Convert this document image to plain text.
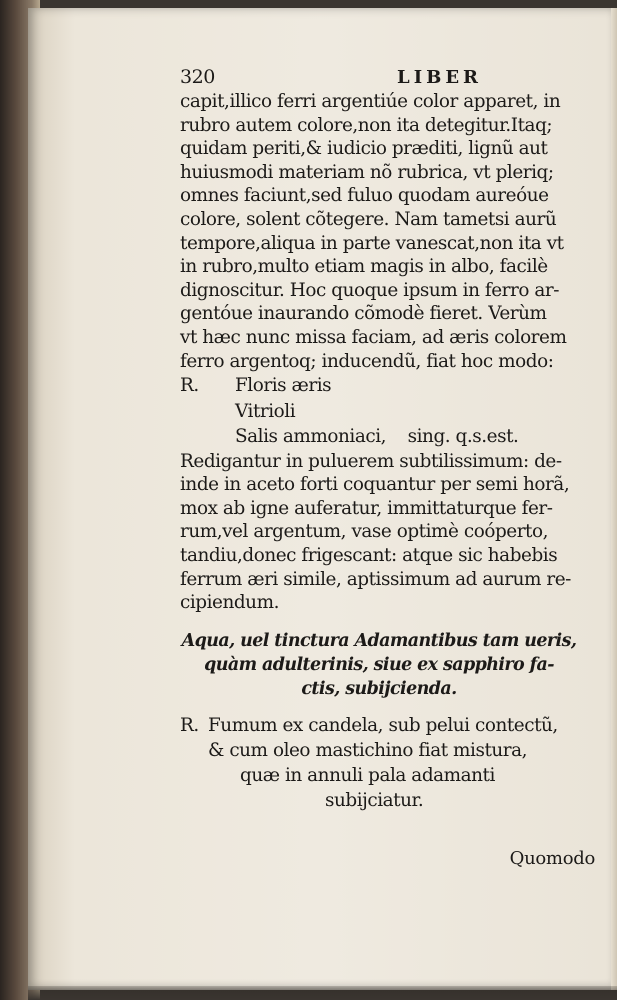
320	LIBER
capit,illico ferri argentiúe color apparet, in
rubro autem colore,non ita detegitur.Itaq;
quidam periti,& iudicio præditi, lignũ aut
huiusmodi materiam nõ rubrica, vt pleriq;
omnes faciunt,sed fuluo quodam aureóue
colore, solent cõtegere. Nam tametsi aurũ
tempore,aliqua in parte vanescat,non ita vt
in rubro,multo etiam magis in albo, facilè
dignoscitur. Hoc quoque ipsum in ferro ar-
gentóue inaurando cõmodè fieret. Verùm
vt hæc nunc missa faciam, ad æris colorem
ferro argentoq; inducendũ, fiat hoc modo:
R.	Floris æris
Vitrioli
Salis ammoniaci,    sing. q.s.est.
Redigantur in puluerem subtilissimum: de-
inde in aceto forti coquantur per semi horã,
mox ab igne auferatur, immittaturque fer-
rum,vel argentum, vase optimè coóperto,
tandiu,donec frigescant: atque sic habebis
ferrum æri simile, aptissimum ad aurum re-
cipiendum.
Aqua, uel tinctura Adamantibus tam ueris,
quàm adulterinis, siue ex sapphiro fa-
ctis, subijcienda.
R. Fumum ex candela, sub pelui contectũ,
& cum oleo mastichino fiat mistura,
quæ in annuli pala adamanti
subijciatur.
Quomodo
